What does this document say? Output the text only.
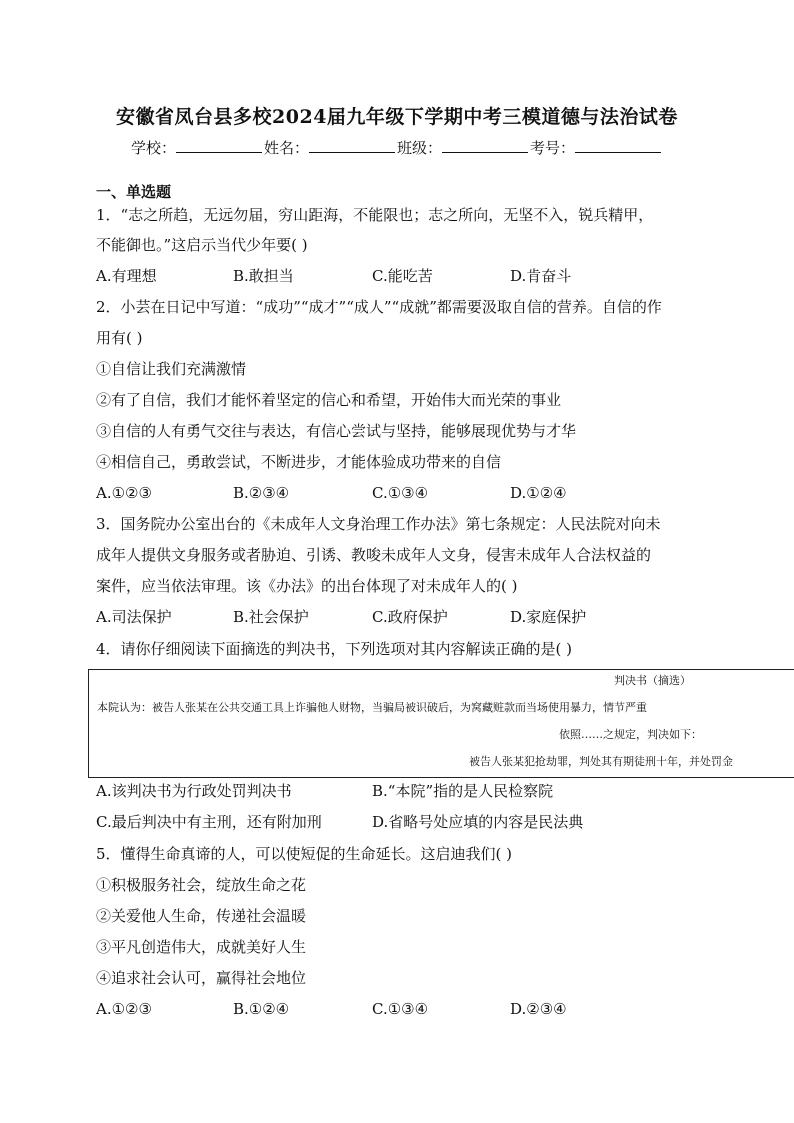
安徽省凤台县多校2024届九年级下学期中考三模道德与法治试卷
学校：	姓名：	班级：	考号：
一、单选题
1．“志之所趋，无远勿届，穷山距海，不能限也；志之所向，无坚不入，锐兵精甲，
不能御也。”这启示当代少年要( )
A.有理想	B.敢担当	C.能吃苦	D.肯奋斗
2．小芸在日记中写道：“成功”“成才”“成人”“成就”都需要汲取自信的营养。自信的作
用有( )
①自信让我们充满激情
②有了自信，我们才能怀着坚定的信心和希望，开始伟大而光荣的事业
③自信的人有勇气交往与表达，有信心尝试与坚持，能够展现优势与才华
④相信自己，勇敢尝试，不断进步，才能体验成功带来的自信
A.①②③	B.②③④	C.①③④	D.①②④
3．国务院办公室出台的《未成年人文身治理工作办法》第七条规定：人民法院对向未
成年人提供文身服务或者胁迫、引诱、教唆未成年人文身，侵害未成年人合法权益的
案件，应当依法审理。该《办法》的出台体现了对未成年人的( )
A.司法保护	B.社会保护	C.政府保护	D.家庭保护
4．请你仔细阅读下面摘选的判决书，下列选项对其内容解读正确的是( )
判决书（摘选）
本院认为：被告人张某在公共交通工具上诈骗他人财物，当骗局被识破后，为窝藏赃款而当场使用暴力，情节严重
依照……之规定，判决如下：
被告人张某犯抢劫罪，判处其有期徒刑十年，并处罚金
A.该判决书为行政处罚判决书	B.“本院”指的是人民检察院
C.最后判决中有主刑，还有附加刑	D.省略号处应填的内容是民法典
5．懂得生命真谛的人，可以使短促的生命延长。这启迪我们( )
①积极服务社会，绽放生命之花
②关爱他人生命，传递社会温暖
③平凡创造伟大，成就美好人生
④追求社会认可，赢得社会地位
A.①②③	B.①②④	C.①③④	D.②③④
